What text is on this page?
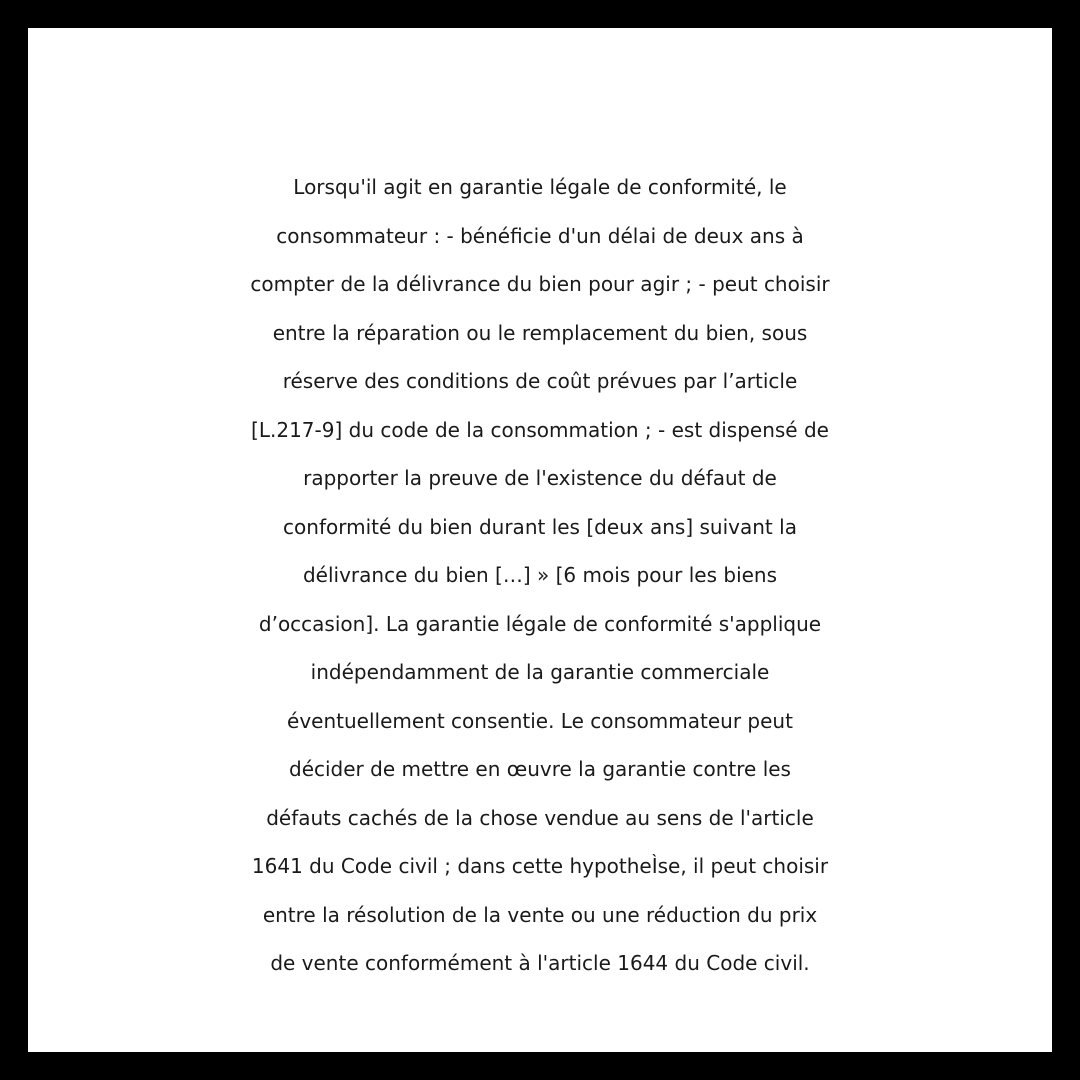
Lorsqu'il agit en garantie légale de conformité, le
consommateur : - bénéficie d'un délai de deux ans à
compter de la délivrance du bien pour agir ; - peut choisir
entre la réparation ou le remplacement du bien, sous
réserve des conditions de coût prévues par l’article
[L.217-9] du code de la consommation ; - est dispensé de
rapporter la preuve de l'existence du défaut de
conformité du bien durant les [deux ans] suivant la
délivrance du bien […] » [6 mois pour les biens
d’occasion]. La garantie légale de conformité s'applique
indépendamment de la garantie commerciale
éventuellement consentie. Le consommateur peut
décider de mettre en œuvre la garantie contre les
défauts cachés de la chose vendue au sens de l'article
1641 du Code civil ; dans cette hypotheÌse, il peut choisir
entre la résolution de la vente ou une réduction du prix
de vente conformément à l'article 1644 du Code civil.
